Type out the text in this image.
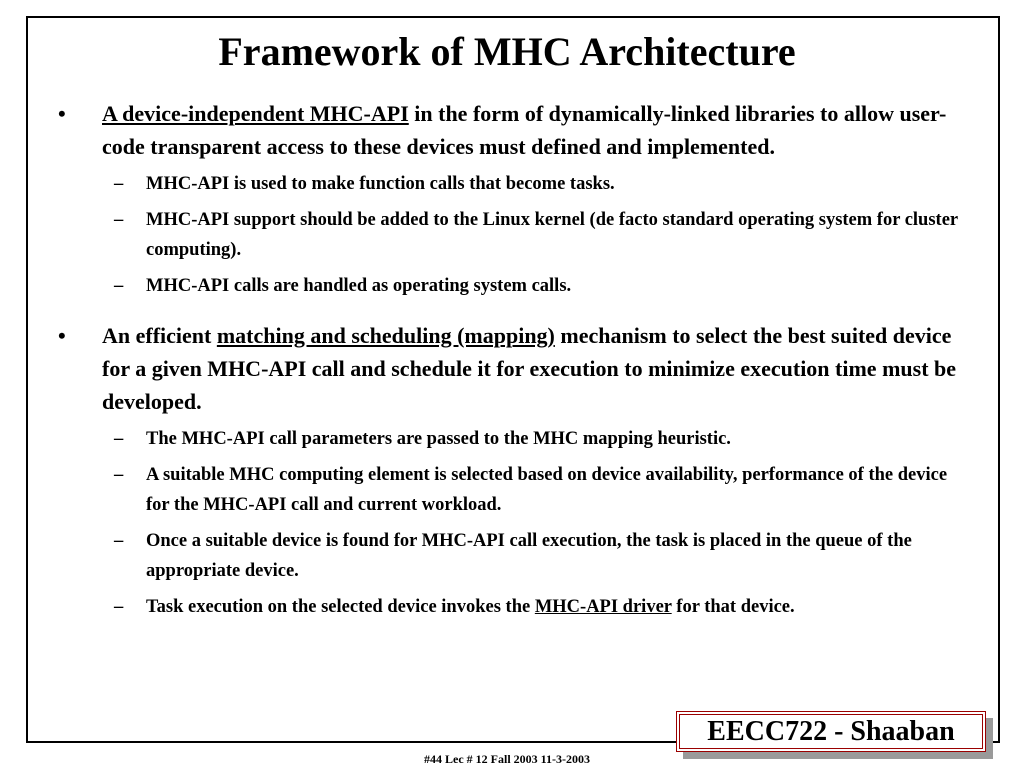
Framework of MHC Architecture
• A device-independent MHC-API in the form of dynamically-linked libraries to allow user-code transparent access to these devices must defined and implemented.
– MHC-API is used to make function calls that become tasks.
– MHC-API support should be added to the Linux kernel (de facto standard operating system for cluster computing).
– MHC-API calls are handled as operating system calls.
• An efficient matching and scheduling (mapping) mechanism to select the best suited device for a given MHC-API call and schedule it for execution to minimize execution time must be developed.
– The MHC-API call parameters are passed to the MHC mapping heuristic.
– A suitable MHC computing element is selected based on device availability, performance of the device for the MHC-API call and current workload.
– Once a suitable device is found for MHC-API call execution, the task is placed in the queue of the appropriate device.
– Task execution on the selected device invokes the MHC-API driver for that device.
EECC722 - Shaaban
#44 Lec # 12 Fall 2003 11-3-2003
